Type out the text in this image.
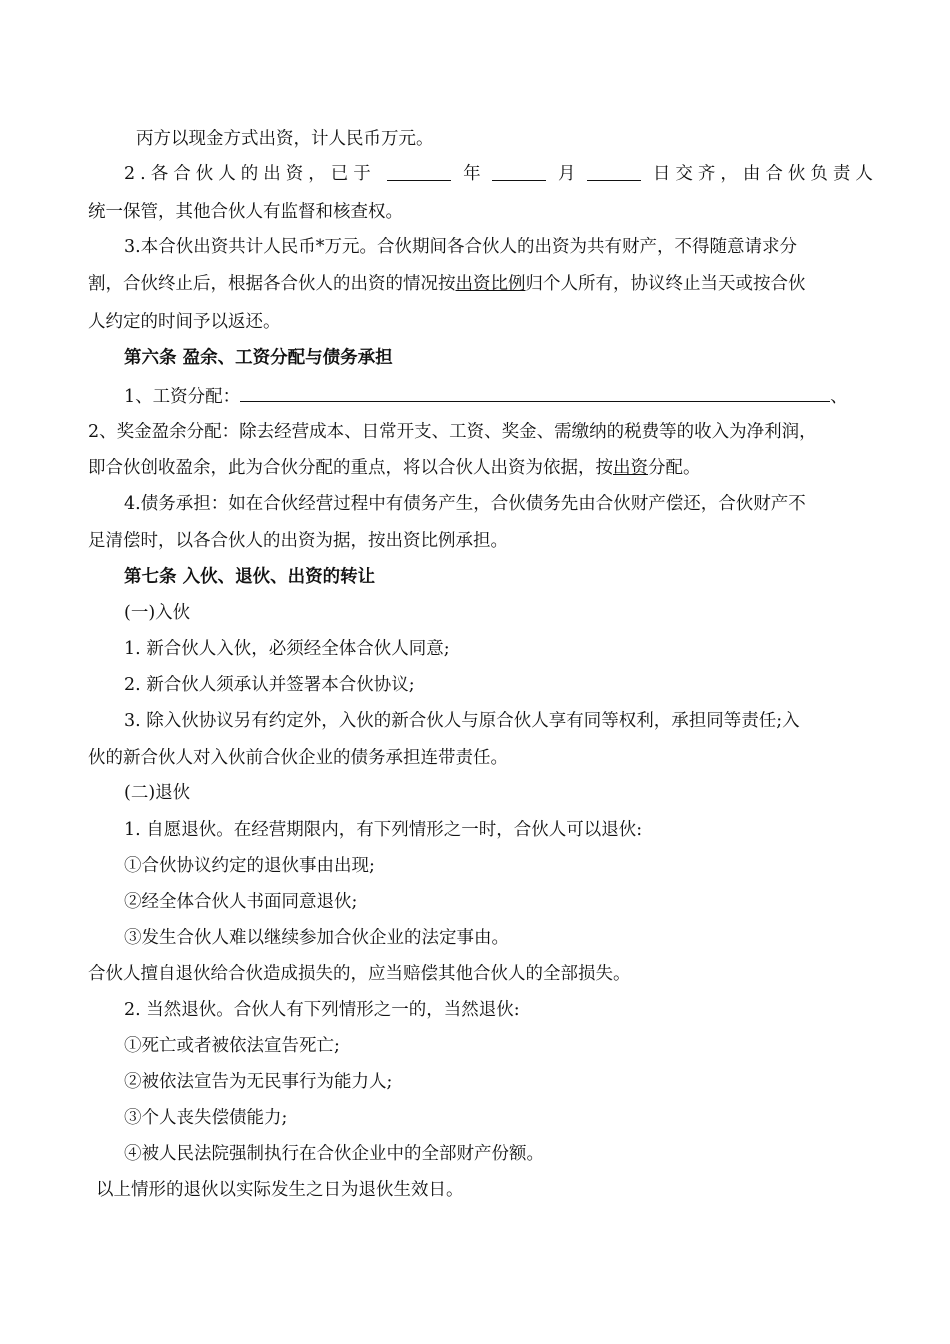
丙方以现金方式出资，计人民币万元。
2.各合伙人的出资，已于	年	月	日交齐，由合伙负责人
统一保管，其他合伙人有监督和核查权。
3.本合伙出资共计人民币*万元。合伙期间各合伙人的出资为共有财产，不得随意请求分
割，合伙终止后，根据各合伙人的出资的情况按出资比例归个人所有，协议终止当天或按合伙
人约定的时间予以返还。
第六条 盈余、工资分配与债务承担
1、工资分配：	、
2、奖金盈余分配：除去经营成本、日常开支、工资、奖金、需缴纳的税费等的收入为净利润，
即合伙创收盈余，此为合伙分配的重点，将以合伙人出资为依据，按出资分配。
4.债务承担：如在合伙经营过程中有债务产生，合伙债务先由合伙财产偿还，合伙财产不
足清偿时，以各合伙人的出资为据，按出资比例承担。
第七条 入伙、退伙、出资的转让
(一)入伙
1. 新合伙人入伙，必须经全体合伙人同意;
2. 新合伙人须承认并签署本合伙协议;
3. 除入伙协议另有约定外，入伙的新合伙人与原合伙人享有同等权利，承担同等责任;入
伙的新合伙人对入伙前合伙企业的债务承担连带责任。
(二)退伙
1. 自愿退伙。在经营期限内，有下列情形之一时，合伙人可以退伙:
①合伙协议约定的退伙事由出现;
②经全体合伙人书面同意退伙;
③发生合伙人难以继续参加合伙企业的法定事由。
合伙人擅自退伙给合伙造成损失的，应当赔偿其他合伙人的全部损失。
2. 当然退伙。合伙人有下列情形之一的，当然退伙:
①死亡或者被依法宣告死亡;
②被依法宣告为无民事行为能力人;
③个人丧失偿债能力;
④被人民法院强制执行在合伙企业中的全部财产份额。
以上情形的退伙以实际发生之日为退伙生效日。
